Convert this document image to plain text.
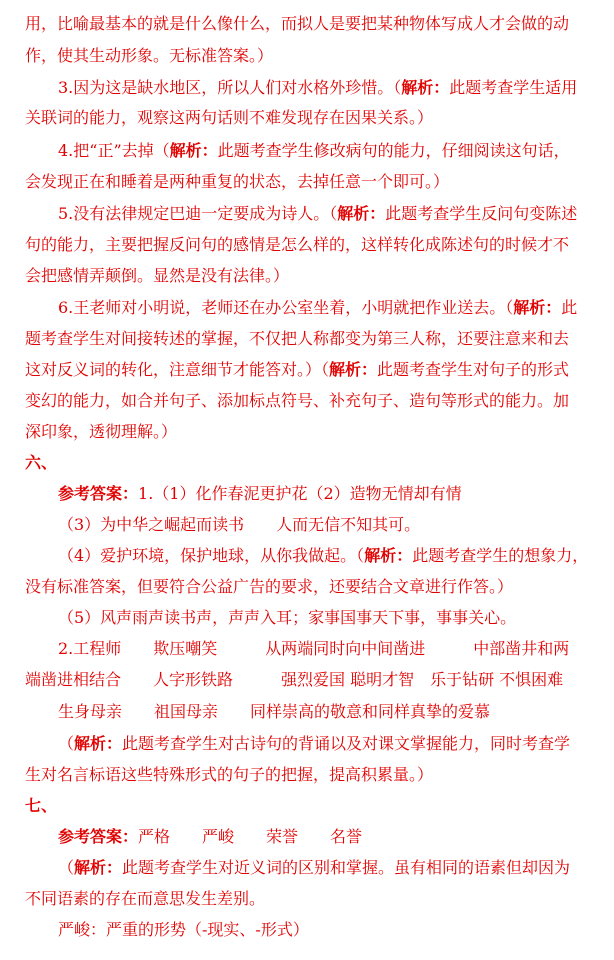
用，比喻最基本的就是什么像什么，而拟人是要把某种物体写成人才会做的动
作，使其生动形象。无标准答案。）
3.因为这是缺水地区，所以人们对水格外珍惜。（解析：此题考查学生适用
关联词的能力，观察这两句话则不难发现存在因果关系。）
4.把“正”去掉（解析：此题考查学生修改病句的能力，仔细阅读这句话，
会发现正在和睡着是两种重复的状态，去掉任意一个即可。）
5.没有法律规定巴迪一定要成为诗人。（解析：此题考查学生反问句变陈述
句的能力，主要把握反问句的感情是怎么样的，这样转化成陈述句的时候才不
会把感情弄颠倒。显然是没有法律。）
6.王老师对小明说，老师还在办公室坐着，小明就把作业送去。（解析：此
题考查学生对间接转述的掌握，不仅把人称都变为第三人称，还要注意来和去
这对反义词的转化，注意细节才能答对。）（解析：此题考查学生对句子的形式
变幻的能力，如合并句子、添加标点符号、补充句子、造句等形式的能力。加
深印象，透彻理解。）
六、
参考答案：1.（1）化作春泥更护花（2）造物无情却有情
（3）为中华之崛起而读书　　人而无信不知其可。
（4）爱护环境，保护地球，从你我做起。（解析：此题考查学生的想象力，
没有标准答案，但要符合公益广告的要求，还要结合文章进行作答。）
（5）风声雨声读书声，声声入耳；家事国事天下事，事事关心。
2.工程师　　欺压嘲笑　　　从两端同时向中间凿进　　　中部凿井和两
端凿进相结合　　人字形铁路　　　强烈爱国 聪明才智　乐于钻研 不惧困难
生身母亲　　祖国母亲　　同样崇高的敬意和同样真挚的爱慕
（解析：此题考查学生对古诗句的背诵以及对课文掌握能力，同时考查学
生对名言标语这些特殊形式的句子的把握，提高积累量。）
七、
参考答案：严格　　严峻　　荣誉　　名誉
（解析：此题考查学生对近义词的区别和掌握。虽有相同的语素但却因为
不同语素的存在而意思发生差别。
严峻：严重的形势（-现实、-形式）
